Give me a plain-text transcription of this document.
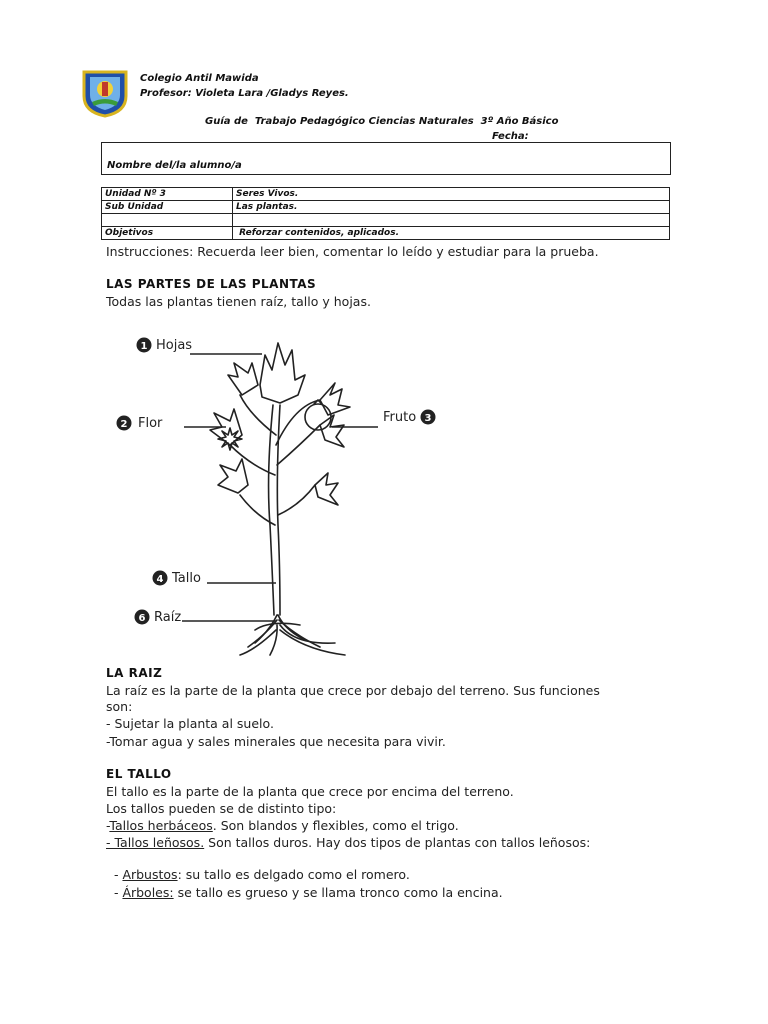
Colegio Antil Mawida
Profesor: Violeta Lara /Gladys Reyes.
Guía de  Trabajo Pedagógico Ciencias Naturales  3º Año Básico
Fecha:
Nombre del/la alumno/a
Unidad Nº 3	Seres Vivos.
Sub Unidad	Las plantas.

Objetivos	Reforzar contenidos, aplicados.
Instrucciones: Recuerda leer bien, comentar lo leído y estudiar para la prueba.
LAS PARTES DE LAS PLANTAS
Todas las plantas tienen raíz, tallo y hojas.
1
2
3
4
6
Hojas
Flor	Fruto
Tallo
Raíz
LA RAIZ
La raíz es la parte de la planta que crece por debajo del terreno. Sus funciones
son:
- Sujetar la planta al suelo.
-Tomar agua y sales minerales que necesita para vivir.
EL TALLO
El tallo es la parte de la planta que crece por encima del terreno.
Los tallos pueden se de distinto tipo:
-Tallos herbáceos. Son blandos y flexibles, como el trigo.
- Tallos leñosos. Son tallos duros. Hay dos tipos de plantas con tallos leñosos:

- Arbustos: su tallo es delgado como el romero.

- Árboles: se tallo es grueso y se llama tronco como la encina.
